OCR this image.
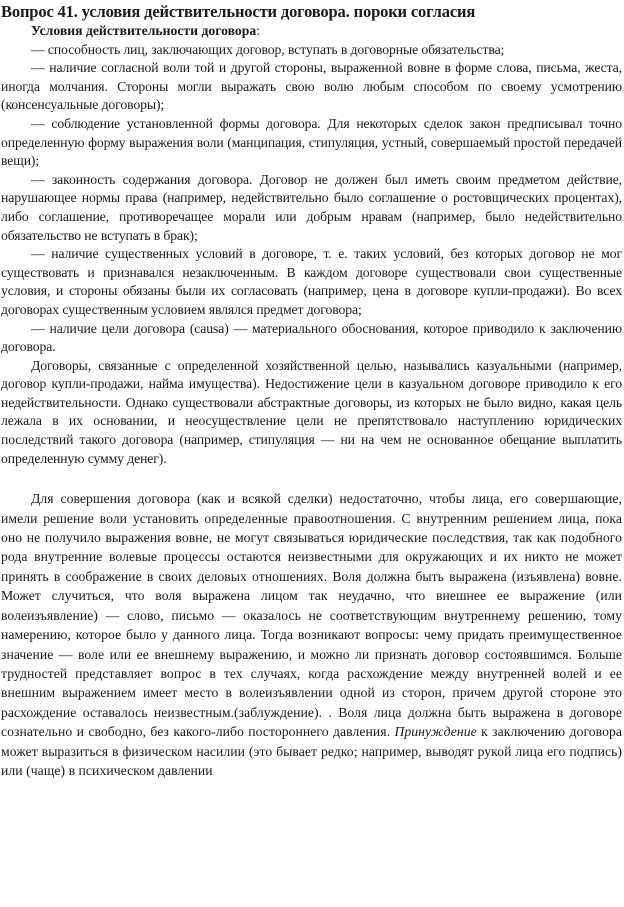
Вопрос 41. условия действительности договора. пороки согласия

Условия действительности договора:

— способность лиц, заключающих договор, вступать в договорные обязательства;

— наличие согласной воли той и другой стороны, выраженной вовне в форме слова, письма, жеста, иногда молчания. Стороны могли выражать свою волю любым способом по своему усмотрению (консенсуальные договоры);

— соблюдение установленной формы договора. Для некоторых сделок закон предписывал точно определенную форму выражения воли (манципация, стипуляция, устный, совершаемый простой передачей вещи);

— законность содержания договора. Договор не должен был иметь своим предметом действие, нарушающее нормы права (например, недействительно было соглашение о ростовщических процентах), либо соглашение, противоречащее морали или добрым нравам (например, было недействительно обязательство не вступать в брак);

— наличие существенных условий в договоре, т. е. таких условий, без которых договор не мог существовать и признавался незаключенным. В каждом договоре существовали свои существенные условия, и стороны обязаны были их согласовать (например, цена в договоре купли-продажи). Во всех договорах существенным условием являлся предмет договора;

— наличие цели договора (causa) — материального обоснования, которое приводило к заключению договора.

Договоры, связанные с определенной хозяйственной целью, назывались казуальными (например, договор купли-продажи, найма имущества). Недостижение цели в казуальном договоре приводило к его недействительности. Однако существовали абстрактные договоры, из которых не было видно, какая цель лежала в их основании, и неосуществление цели не препятствовало наступлению юридических последствий такого договора (например, стипуляция — ни на чем не основанное обещание выплатить определенную сумму денег).

Для совершения договора (как и всякой сделки) недостаточно, чтобы лица, его совершающие, имели решение воли установить определенные правоотношения. С внутренним решением лица, пока оно не получило выражения вовне, не могут связываться юридические последствия, так как подобного рода внутренние волевые процессы остаются неизвестными для окружающих и их никто не может принять в соображение в своих деловых отношениях. Воля должна быть выражена (изъявлена) вовне. Может случиться, что воля выражена лицом так неудачно, что внешнее ее выражение (или волеизъявление) — слово, письмо — оказалось не соответствующим внутреннему решению, тому намерению, которое было у данного лица. Тогда возникают вопросы: чему придать преимущественное значение — воле или ее внешнему выражению, и можно ли признать договор состоявшимся. Больше трудностей представляет вопрос в тех случаях, когда расхождение между внутренней волей и ее внешним выражением имеет место в волеизъявлении одной из сторон, причем другой стороне это расхождение оставалось неизвестным.(заблуждение). . Воля лица должна быть выражена в договоре сознательно и свободно, без какого-либо постороннего давления. Принуждение к заключению договора может выразиться в физическом насилии (это бывает редко; например, выводят рукой лица его подпись) или (чаще) в психическом давлении
